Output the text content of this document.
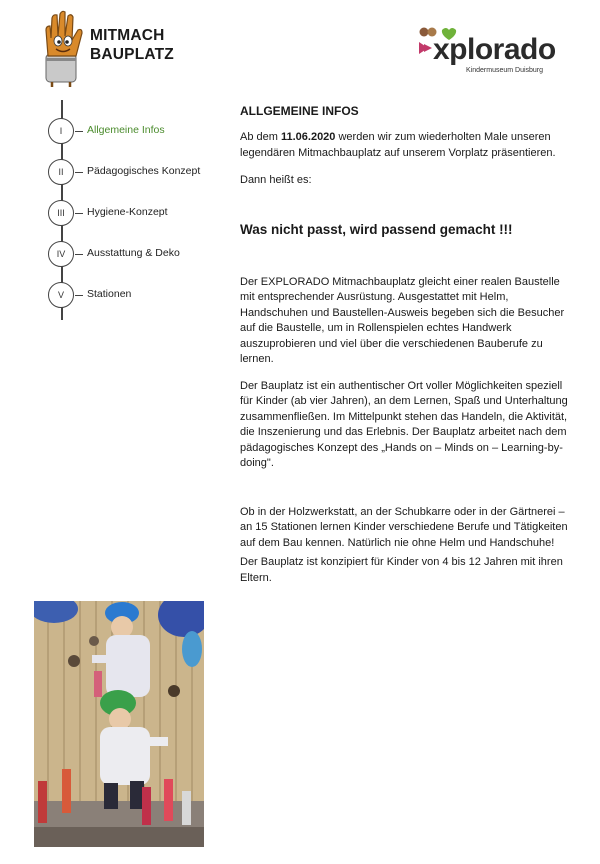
MITMACH
BAUPLATZ	xplorado
Kindermuseum Duisburg
I	Allgemeine Infos
II	Pädagogisches Konzept
III	Hygiene-Konzept
IV	Ausstattung & Deko
V	Stationen
ALLGEMEINE INFOS

Ab dem 11.06.2020 werden wir zum wiederholten Male unseren legendären Mitmachbauplatz auf unserem Vorplatz präsentieren.

Dann heißt es:

Was nicht passt, wird passend gemacht !!!

Der EXPLORADO Mitmachbauplatz gleicht einer realen Baustelle mit entsprechender Ausrüstung. Ausgestattet mit Helm, Handschuhen und Baustellen-Ausweis begeben sich die Besucher auf die Baustelle, um in Rollenspielen echtes Handwerk auszuprobieren und viel über die verschiedenen Bauberufe zu lernen.

Der Bauplatz ist ein authentischer Ort voller Möglichkeiten speziell für Kinder (ab vier Jahren), an dem Lernen, Spaß und Unterhaltung zusammenfließen. Im Mittelpunkt stehen das Handeln, die Aktivität, die Inszenierung und das Erlebnis. Der Bauplatz arbeitet nach dem pädagogisches Konzept des „Hands on – Minds on – Learning-by-doing".

Ob in der Holzwerkstatt, an der Schubkarre oder in der Gärtnerei – an 15 Stationen lernen Kinder verschiedene Berufe und Tätigkeiten auf dem Bau kennen. Natürlich nie ohne Helm und Handschuhe!

Der Bauplatz ist konzipiert für Kinder von 4 bis 12 Jahren mit ihren Eltern.
